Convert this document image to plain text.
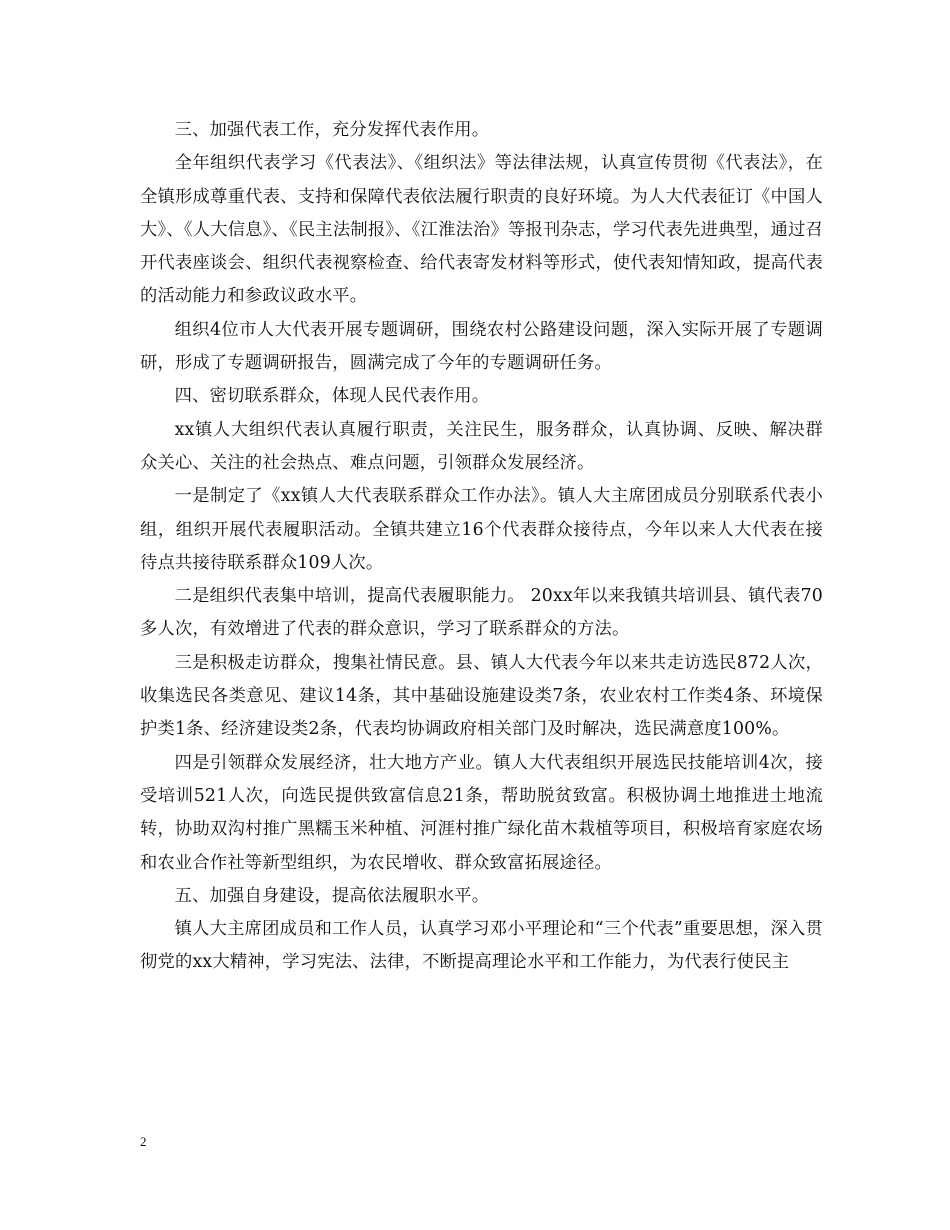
三、加强代表工作，充分发挥代表作用。

全年组织代表学习《代表法》、《组织法》等法律法规，认真宣传贯彻《代表法》，在全镇形成尊重代表、支持和保障代表依法履行职责的良好环境。为人大代表征订《中国人大》、《人大信息》、《民主法制报》、《江淮法治》等报刊杂志，学习代表先进典型，通过召开代表座谈会、组织代表视察检查、给代表寄发材料等形式，使代表知情知政，提高代表的活动能力和参政议政水平。

组织4位市人大代表开展专题调研，围绕农村公路建设问题，深入实际开展了专题调研，形成了专题调研报告，圆满完成了今年的专题调研任务。

四、密切联系群众，体现人民代表作用。

xx镇人大组织代表认真履行职责，关注民生，服务群众，认真协调、反映、解决群众关心、关注的社会热点、难点问题，引领群众发展经济。

一是制定了《xx镇人大代表联系群众工作办法》。镇人大主席团成员分别联系代表小组，组织开展代表履职活动。全镇共建立16个代表群众接待点，今年以来人大代表在接待点共接待联系群众109人次。

二是组织代表集中培训，提高代表履职能力。 20xx年以来我镇共培训县、镇代表70多人次，有效增进了代表的群众意识，学习了联系群众的方法。

三是积极走访群众，搜集社情民意。县、镇人大代表今年以来共走访选民872人次，收集选民各类意见、建议14条，其中基础设施建设类7条，农业农村工作类4条、环境保护类1条、经济建设类2条，代表均协调政府相关部门及时解决，选民满意度100%。

四是引领群众发展经济，壮大地方产业。镇人大代表组织开展选民技能培训4次，接受培训521人次，向选民提供致富信息21条，帮助脱贫致富。积极协调土地推进土地流转，协助双沟村推广黑糯玉米种植、河涯村推广绿化苗木栽植等项目，积极培育家庭农场和农业合作社等新型组织，为农民增收、群众致富拓展途径。

五、加强自身建设，提高依法履职水平。

镇人大主席团成员和工作人员，认真学习邓小平理论和“三个代表”重要思想，深入贯彻党的xx大精神，学习宪法、法律，不断提高理论水平和工作能力，为代表行使民主

2
